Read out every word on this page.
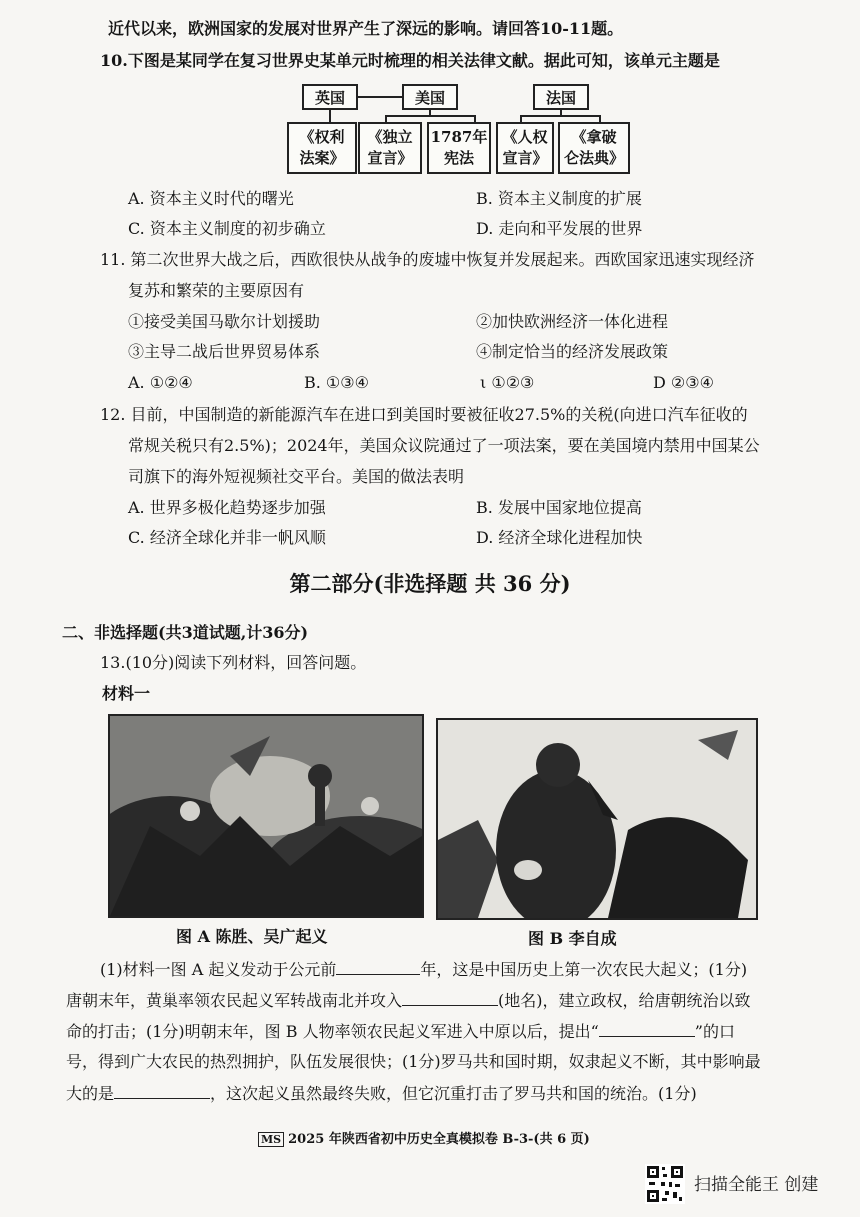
近代以来，欧洲国家的发展对世界产生了深远的影响。请回答10-11题。
10.下图是某同学在复习世界史某单元时梳理的相关法律文献。据此可知，该单元主题是
英国	美国	法国
《权利
法案》
《独立
宣言》
1787年
宪法
《人权
宣言》
《拿破
仑法典》
A. 资本主义时代的曙光	B. 资本主义制度的扩展
C. 资本主义制度的初步确立	D. 走向和平发展的世界
11. 第二次世界大战之后，西欧很快从战争的废墟中恢复并发展起来。西欧国家迅速实现经济
复苏和繁荣的主要原因有
①接受美国马歇尔计划援助	②加快欧洲经济一体化进程
③主导二战后世界贸易体系	④制定恰当的经济发展政策
A. ①②④	B. ①③④	ι ①②③	D ②③④
12. 目前，中国制造的新能源汽车在进口到美国时要被征收27.5%的关税(向进口汽车征收的
常规关税只有2.5%)；2024年，美国众议院通过了一项法案，要在美国境内禁用中国某公
司旗下的海外短视频社交平台。美国的做法表明
A. 世界多极化趋势逐步加强	B. 发展中国家地位提高
C. 经济全球化并非一帆风顺	D. 经济全球化进程加快
第二部分(非选择题 共 36 分)
二、非选择题(共3道试题,计36分)
13.(10分)阅读下列材料，回答问题。
材料一
图 A 陈胜、吴广起义	图 B 李自成
(1)材料一图 A 起义发动于公元前	年，这是中国历史上第一次农民大起义；(1分)
唐朝末年，黄巢率领农民起义军转战南北并攻入	(地名)，建立政权，给唐朝统治以致
命的打击；(1分)明朝末年，图 B 人物率领农民起义军进入中原以后，提出“	”的口
号，得到广大农民的热烈拥护，队伍发展很快；(1分)罗马共和国时期，奴隶起义不断，其中影响最
大的是	，这次起义虽然最终失败，但它沉重打击了罗马共和国的统治。(1分)
MS 2025 年陕西省初中历史全真模拟卷 B-3-(共 6 页)
扫描全能王 创建
